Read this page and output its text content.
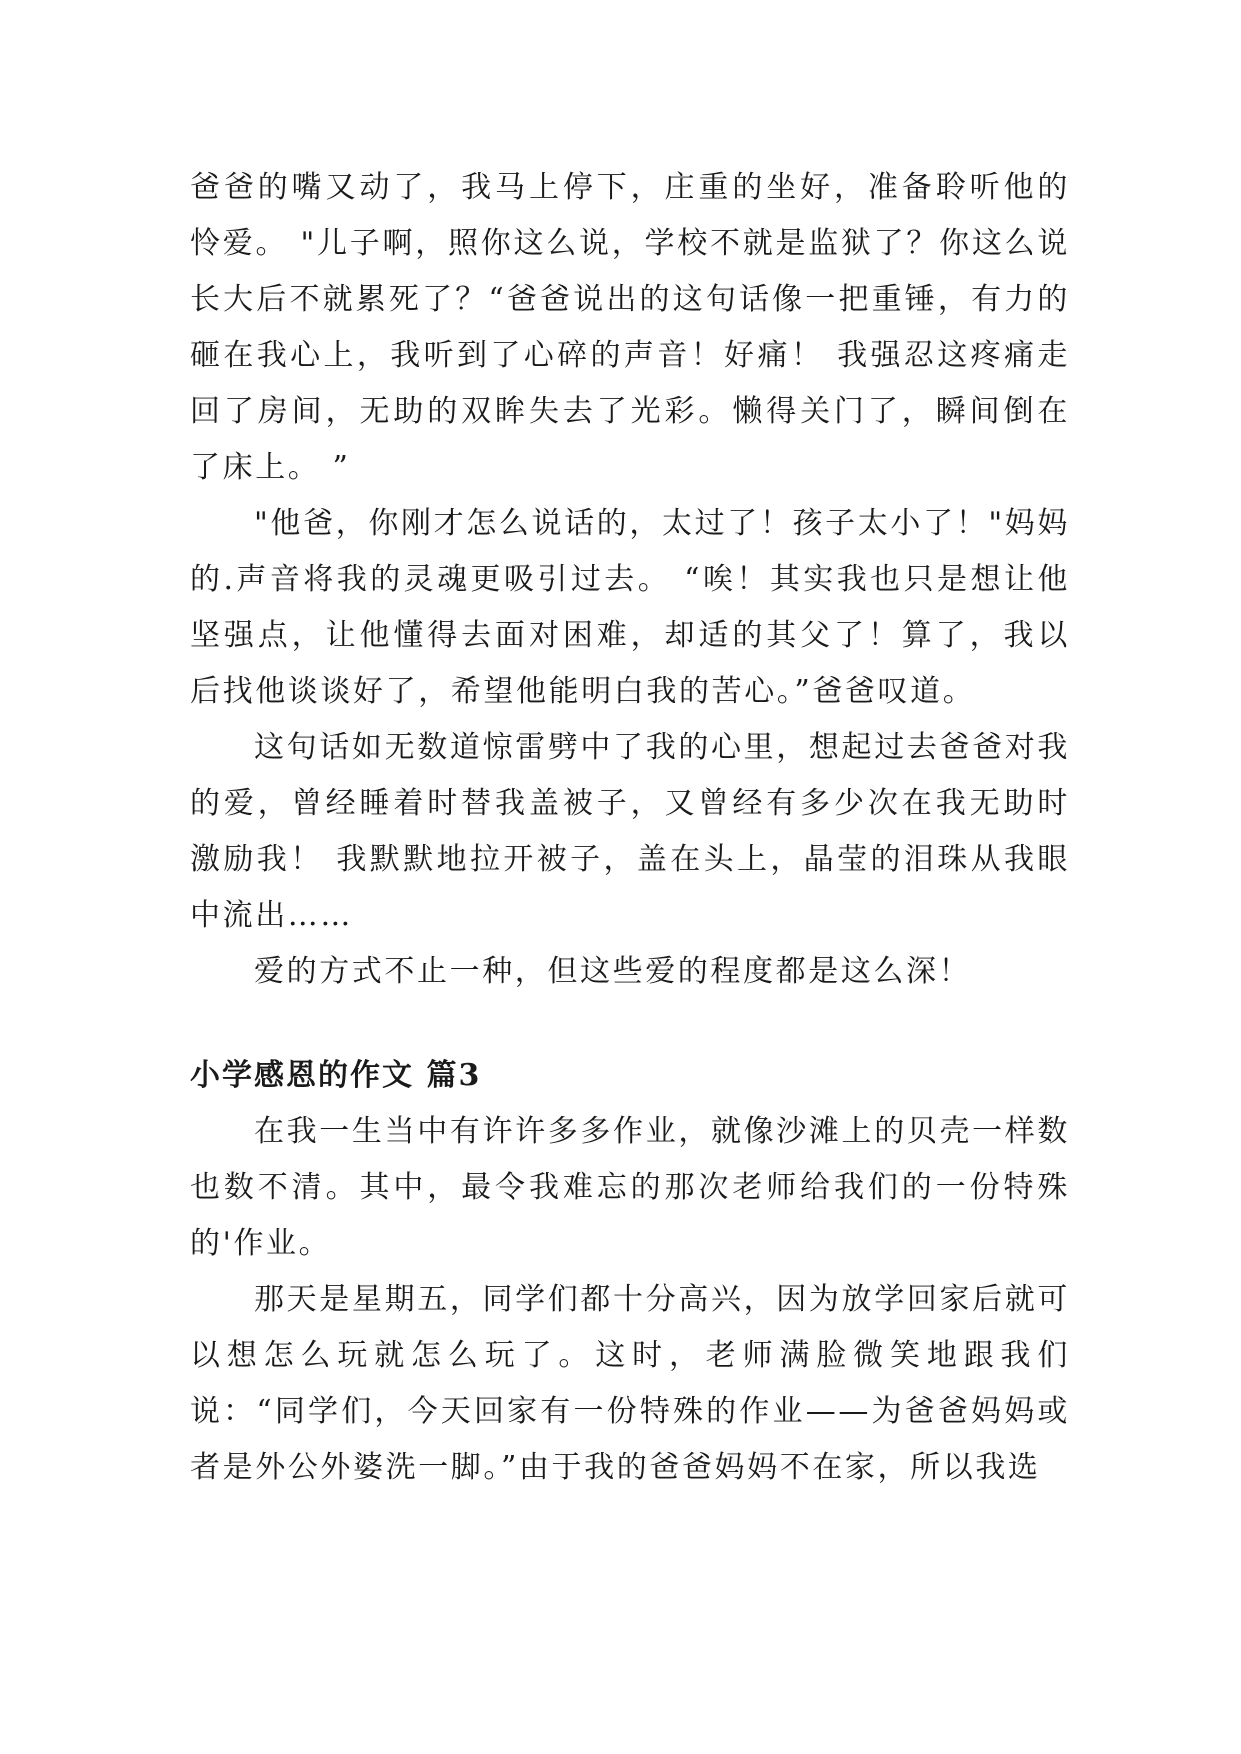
爸爸的嘴又动了，我马上停下，庄重的坐好，准备聆听他的怜爱。 "儿子啊，照你这么说，学校不就是监狱了？你这么说长大后不就累死了？“爸爸说出的这句话像一把重锤，有力的砸在我心上，我听到了心碎的声音！好痛！ 我强忍这疼痛走回了房间，无助的双眸失去了光彩。懒得关门了，瞬间倒在了床上。 ”

"他爸，你刚才怎么说话的，太过了！孩子太小了！"妈妈的.声音将我的灵魂更吸引过去。 “唉！其实我也只是想让他坚强点，让他懂得去面对困难，却适的其父了！算了，我以后找他谈谈好了，希望他能明白我的苦心。”爸爸叹道。

这句话如无数道惊雷劈中了我的心里，想起过去爸爸对我的爱，曾经睡着时替我盖被子，又曾经有多少次在我无助时激励我！ 我默默地拉开被子，盖在头上，晶莹的泪珠从我眼中流出……

爱的方式不止一种，但这些爱的程度都是这么深！

小学感恩的作文 篇3

在我一生当中有许许多多作业，就像沙滩上的贝壳一样数也数不清。其中，最令我难忘的那次老师给我们的一份特殊的'作业。

那天是星期五，同学们都十分高兴，因为放学回家后就可以想怎么玩就怎么玩了。这时，老师满脸微笑地跟我们说：“同学们，今天回家有一份特殊的作业——为爸爸妈妈或者是外公外婆洗一脚。”由于我的爸爸妈妈不在家，所以我选
